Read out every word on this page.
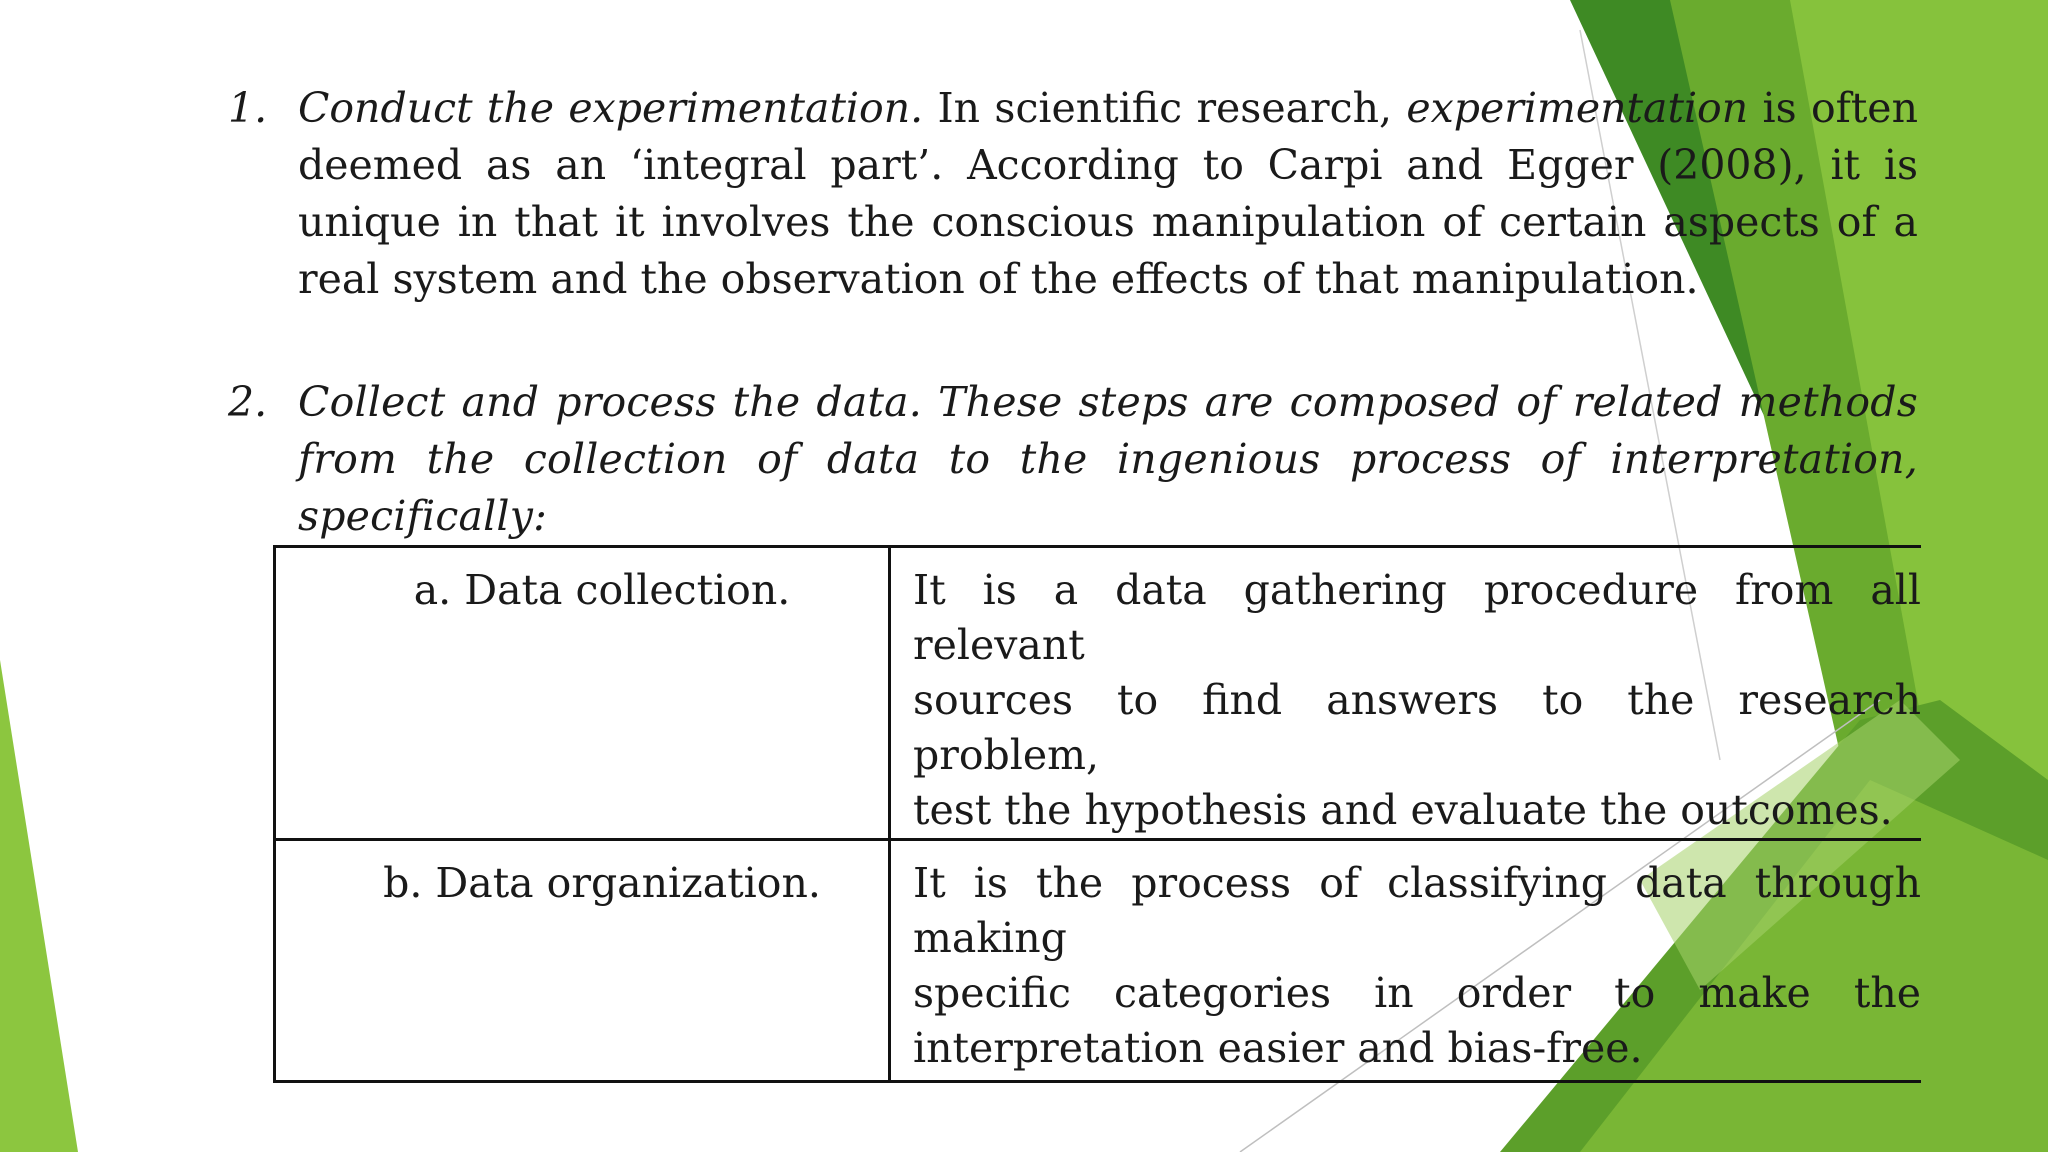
1. Conduct the experimentation. In scientific research, experimentation is often deemed as an ‘integral part’. According to Carpi and Egger (2008), it is unique in that it involves the conscious manipulation of certain aspects of a real system and the observation of the effects of that manipulation.
2. Collect and process the data. These steps are composed of related methods from the collection of data to the ingenious process of interpretation, specifically:
a. Data collection.	It is a data gathering procedure from all relevant
sources to find answers to the research problem,
test the hypothesis and evaluate the outcomes.

b. Data organization.	It is the process of classifying data through making
specific categories in order to make the
interpretation easier and bias-free.
